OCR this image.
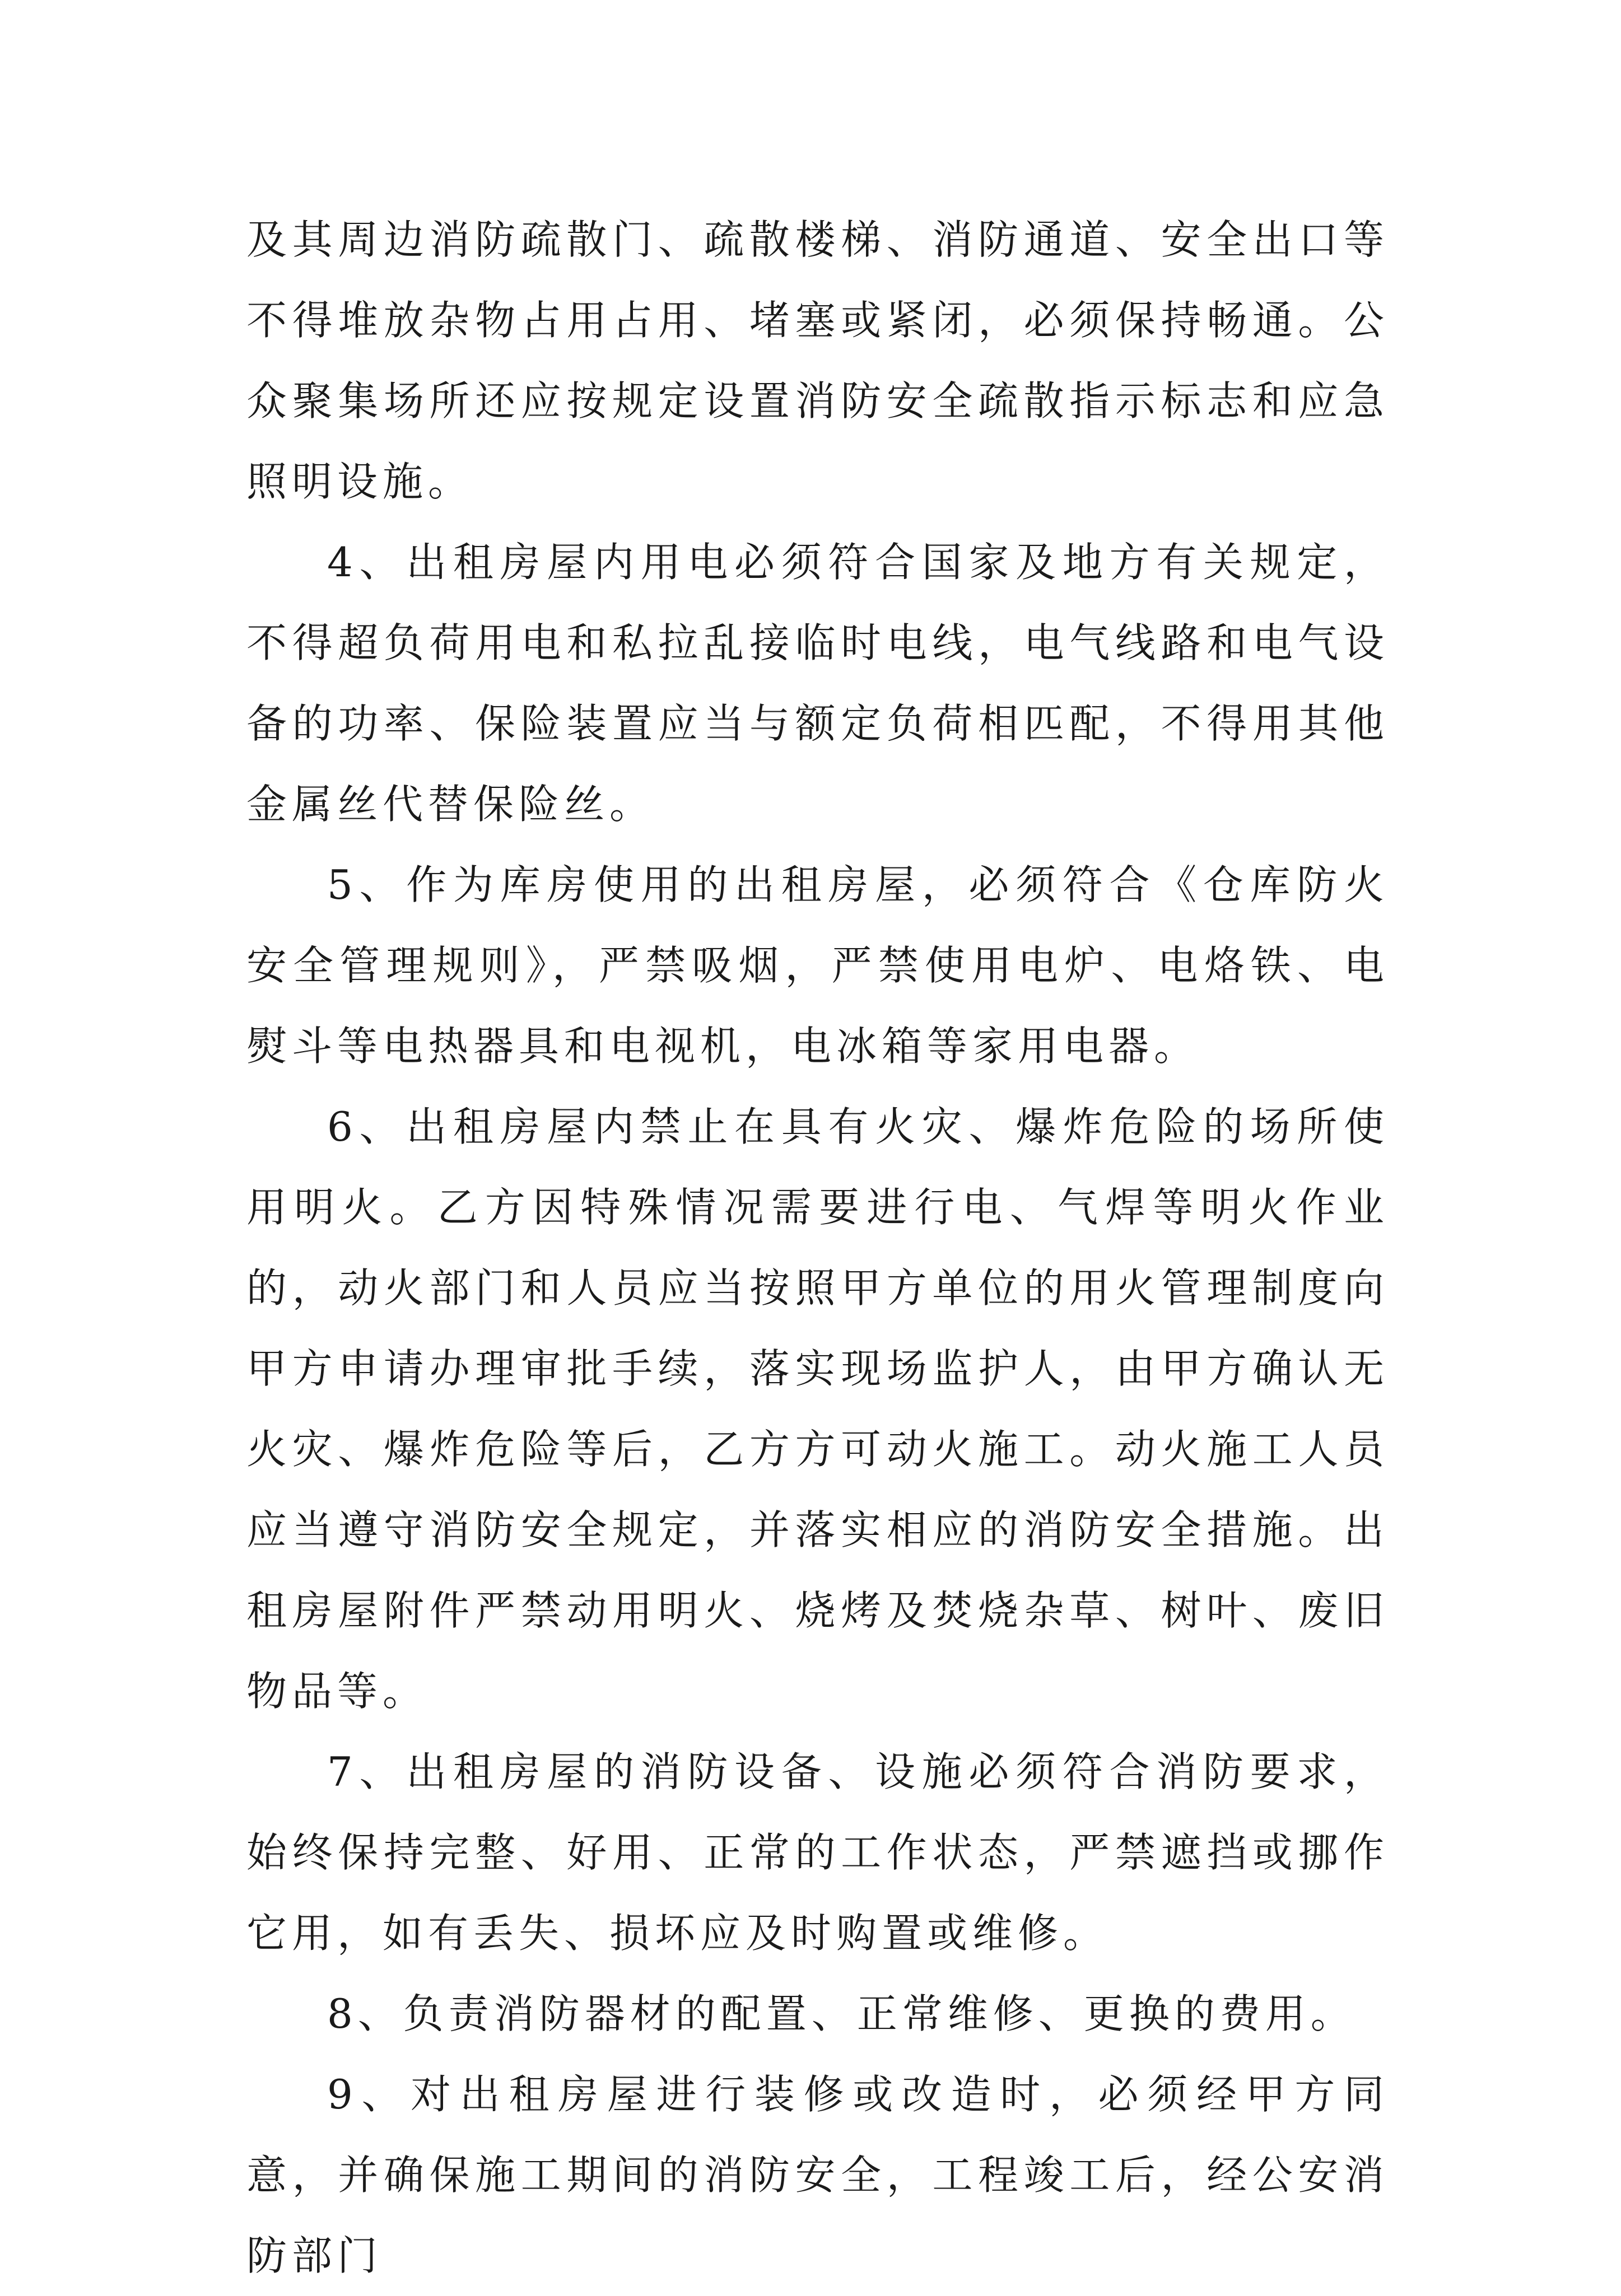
及其周边消防疏散门、疏散楼梯、消防通道、安全出口等不得堆放杂物占用占用、堵塞或紧闭，必须保持畅通。公众聚集场所还应按规定设置消防安全疏散指示标志和应急照明设施。

4、出租房屋内用电必须符合国家及地方有关规定，不得超负荷用电和私拉乱接临时电线，电气线路和电气设备的功率、保险装置应当与额定负荷相匹配，不得用其他金属丝代替保险丝。

5、作为库房使用的出租房屋，必须符合《仓库防火安全管理规则》，严禁吸烟，严禁使用电炉、电烙铁、电熨斗等电热器具和电视机，电冰箱等家用电器。

6、出租房屋内禁止在具有火灾、爆炸危险的场所使用明火。乙方因特殊情况需要进行电、气焊等明火作业的，动火部门和人员应当按照甲方单位的用火管理制度向甲方申请办理审批手续，落实现场监护人，由甲方确认无火灾、爆炸危险等后，乙方方可动火施工。动火施工人员应当遵守消防安全规定，并落实相应的消防安全措施。出租房屋附件严禁动用明火、烧烤及焚烧杂草、树叶、废旧物品等。

7、出租房屋的消防设备、设施必须符合消防要求，始终保持完整、好用、正常的工作状态，严禁遮挡或挪作它用，如有丢失、损坏应及时购置或维修。

8、负责消防器材的配置、正常维修、更换的费用。

9、对出租房屋进行装修或改造时，必须经甲方同意，并确保施工期间的消防安全，工程竣工后，经公安消防部门
